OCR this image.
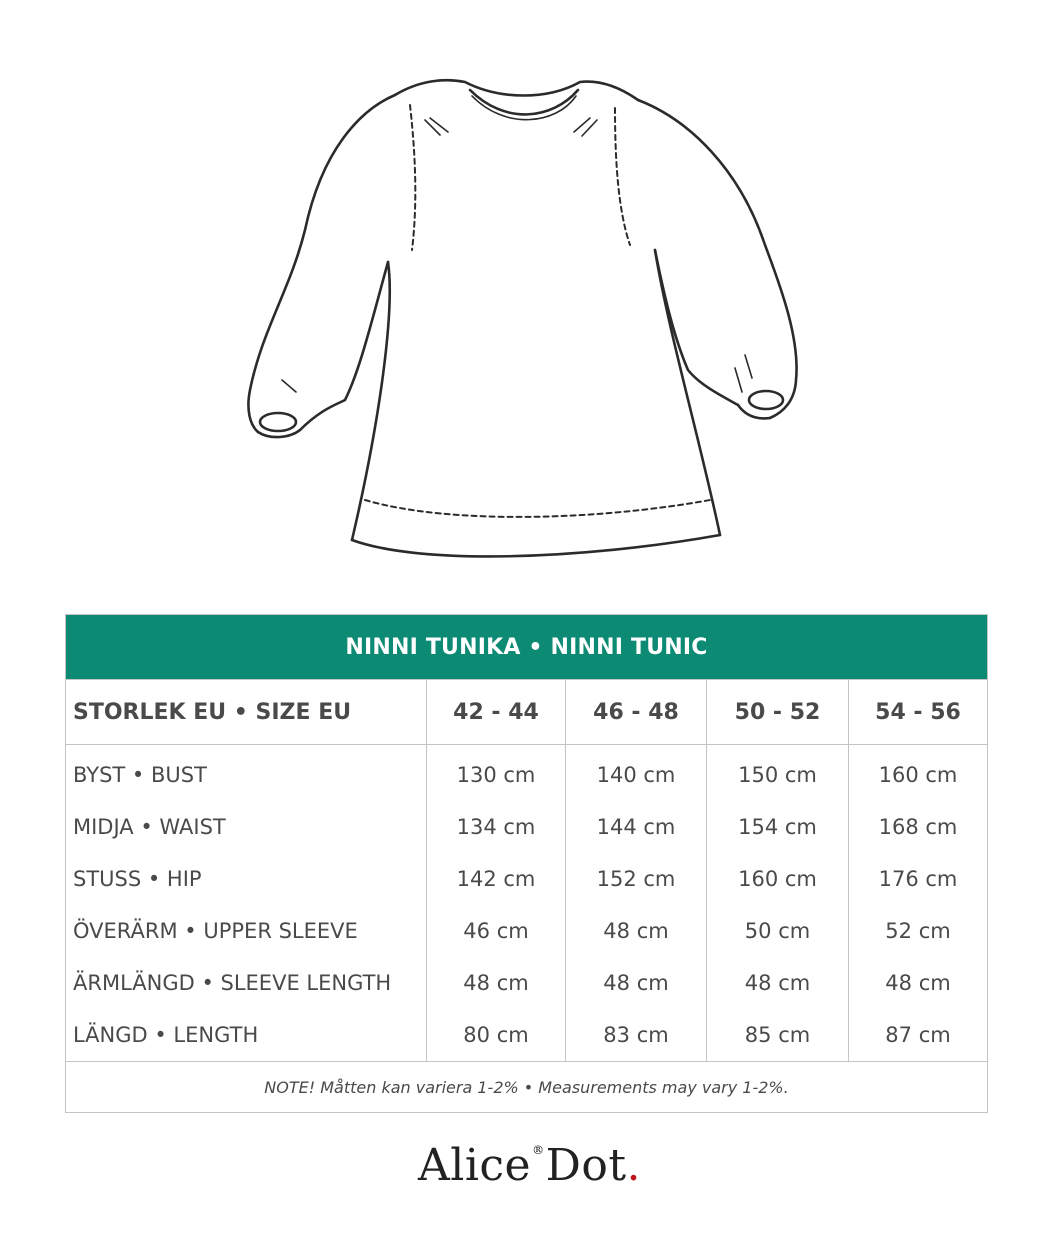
NINNI TUNIKA • NINNI TUNIC				
STORLEK EU • SIZE EU	42 - 44	46 - 48	50 - 52	54 - 56
BYST • BUST	130 cm	140 cm	150 cm	160 cm
MIDJA • WAIST	134 cm	144 cm	154 cm	168 cm
STUSS • HIP	142 cm	152 cm	160 cm	176 cm
ÖVERÄRM • UPPER SLEEVE	46 cm	48 cm	50 cm	52 cm
ÄRMLÄNGD • SLEEVE LENGTH	48 cm	48 cm	48 cm	48 cm
LÄNGD • LENGTH	80 cm	83 cm	85 cm	87 cm
NOTE! Måtten kan variera 1-2% • Measurements may vary 1-2%.				
Alice®Dot.
